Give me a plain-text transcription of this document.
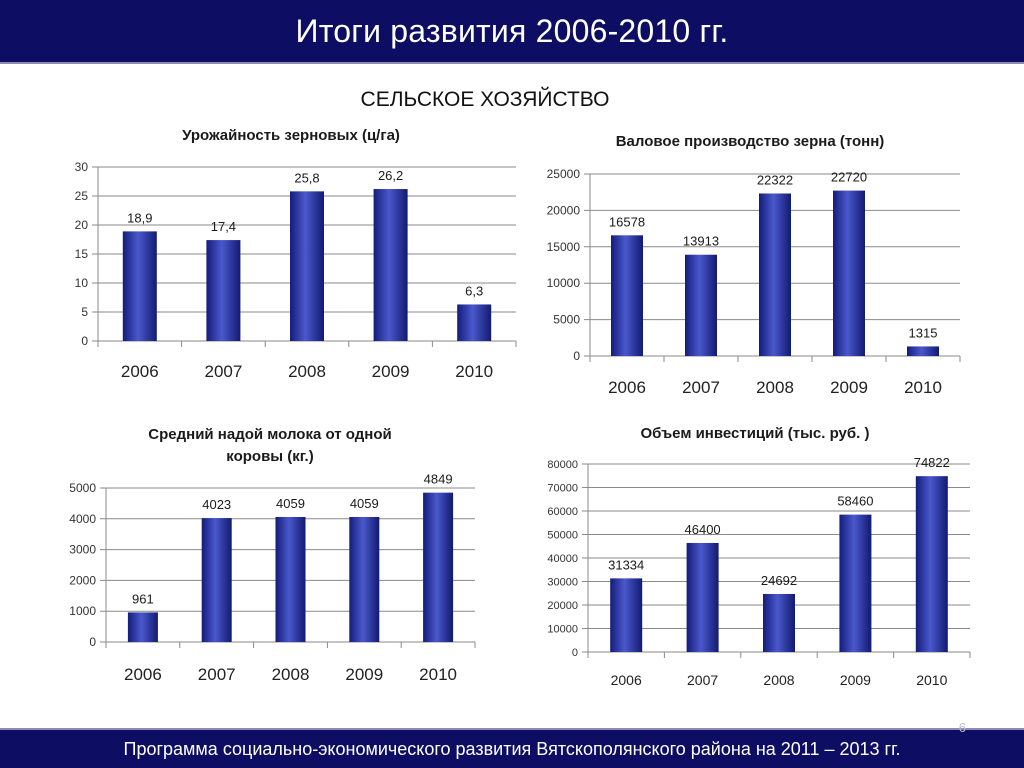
Итоги развития 2006-2010 гг.
СЕЛЬСКОЕ ХОЗЯЙСТВО
Урожайность зерновых (ц/га)
0
5
10
15
20
25
30
18,9
2006
17,4
2007
25,8
2008
26,2
2009
6,3
2010
Валовое производство зерна (тонн)
0
5000
10000
15000
20000
25000
16578
2006
13913
2007
22322
2008
22720
2009
1315
2010
Средний надой молока от одной
коровы (кг.)
0
1000
2000
3000
4000
5000
961
2006
4023
2007
4059
2008
4059
2009
4849
2010
Объем инвестиций (тыс. руб. )
0
10000
20000
30000
40000
50000
60000
70000
80000
31334
2006
46400
2007
24692
2008
58460
2009
74822
2010
Программа социально-экономического развития Вятскополянского района на 2011 – 2013 гг.
6
